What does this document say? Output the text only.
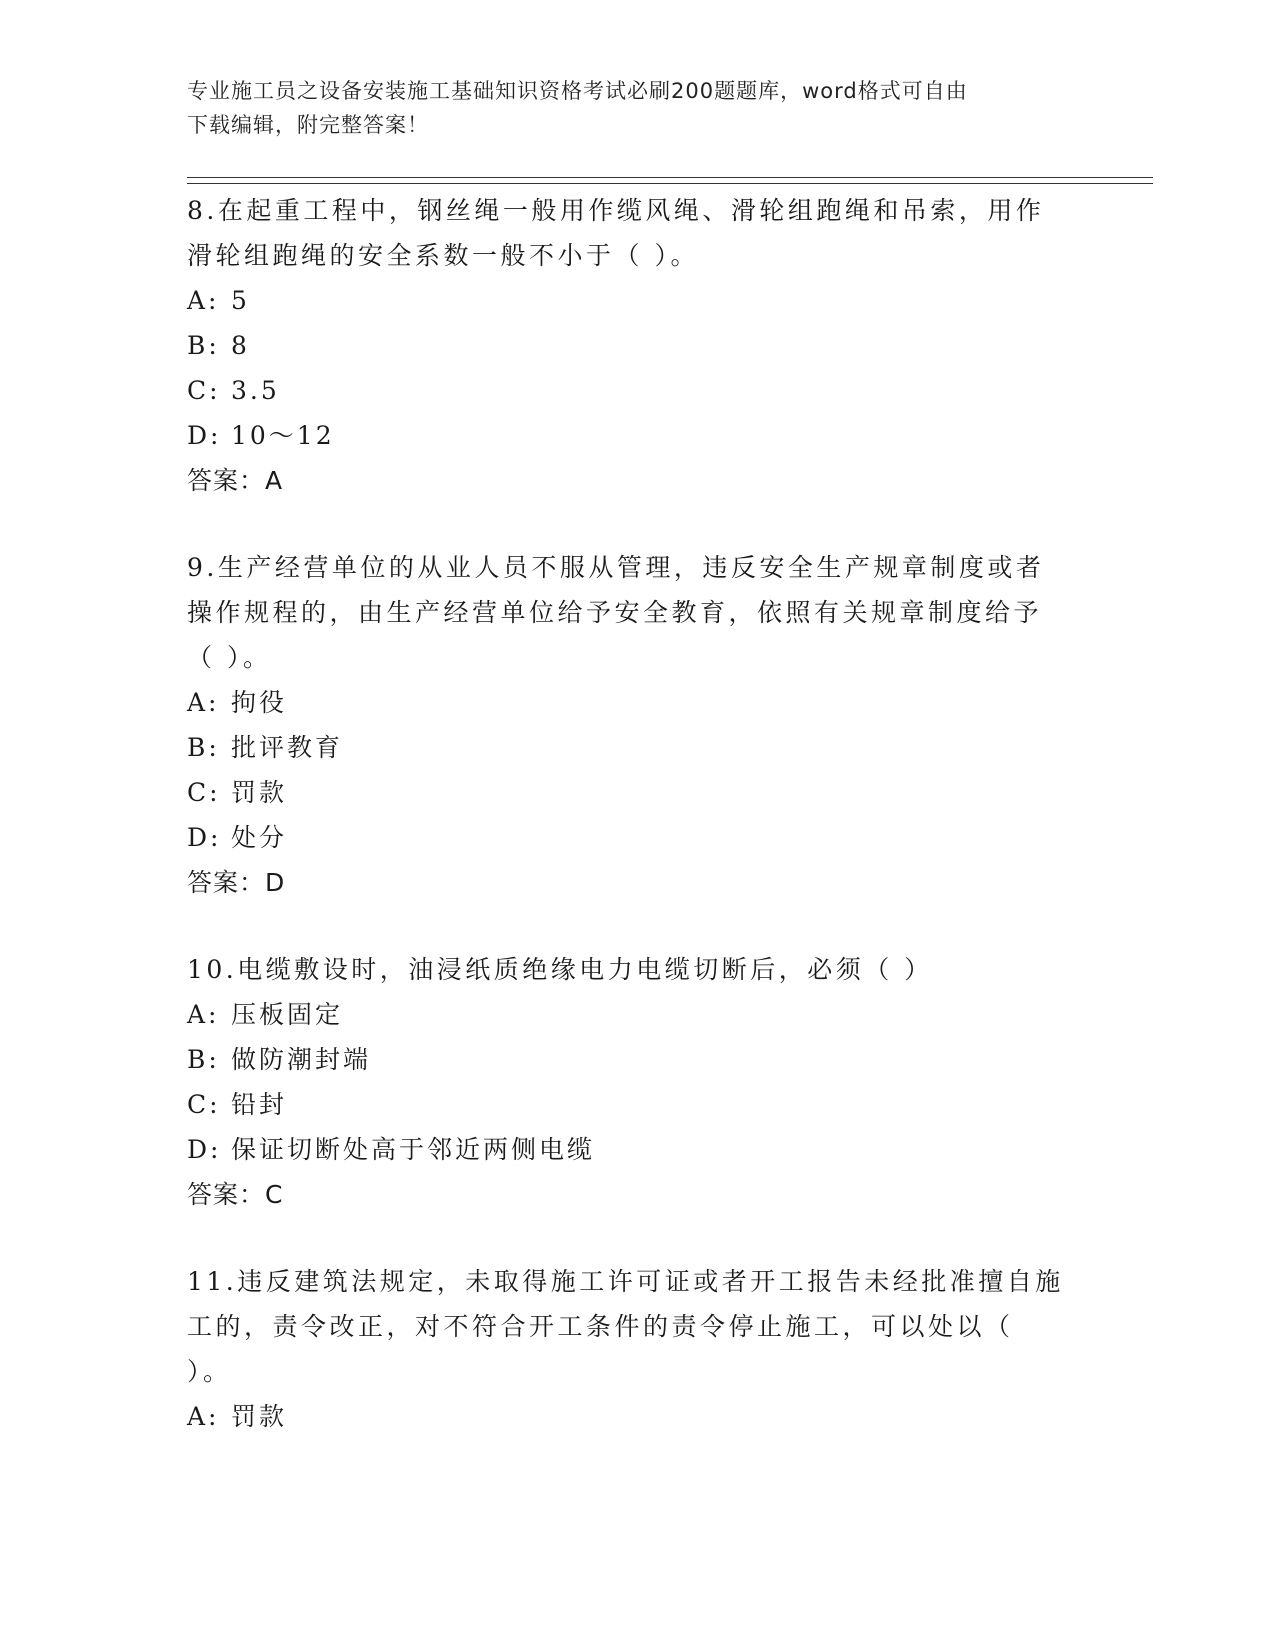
专业施工员之设备安装施工基础知识资格考试必刷200题题库，word格式可自由
下载编辑，附完整答案！

8.在起重工程中，钢丝绳一般用作缆风绳、滑轮组跑绳和吊索，用作滑轮组跑绳的安全系数一般不小于（ ）。

A: 5
B: 8
C: 3.5
D: 10～12
答案：A

9.生产经营单位的从业人员不服从管理，违反安全生产规章制度或者操作规程的，由生产经营单位给予安全教育，依照有关规章制度给予（ ）。

A: 拘役
B: 批评教育
C: 罚款
D: 处分
答案：D

10.电缆敷设时，油浸纸质绝缘电力电缆切断后，必须（ ）

A: 压板固定
B: 做防潮封端
C: 铅封
D: 保证切断处高于邻近两侧电缆
答案：C

11.违反建筑法规定，未取得施工许可证或者开工报告未经批准擅自施工的，责令改正，对不符合开工条件的责令停止施工，可以处以（ ）。

A: 罚款
